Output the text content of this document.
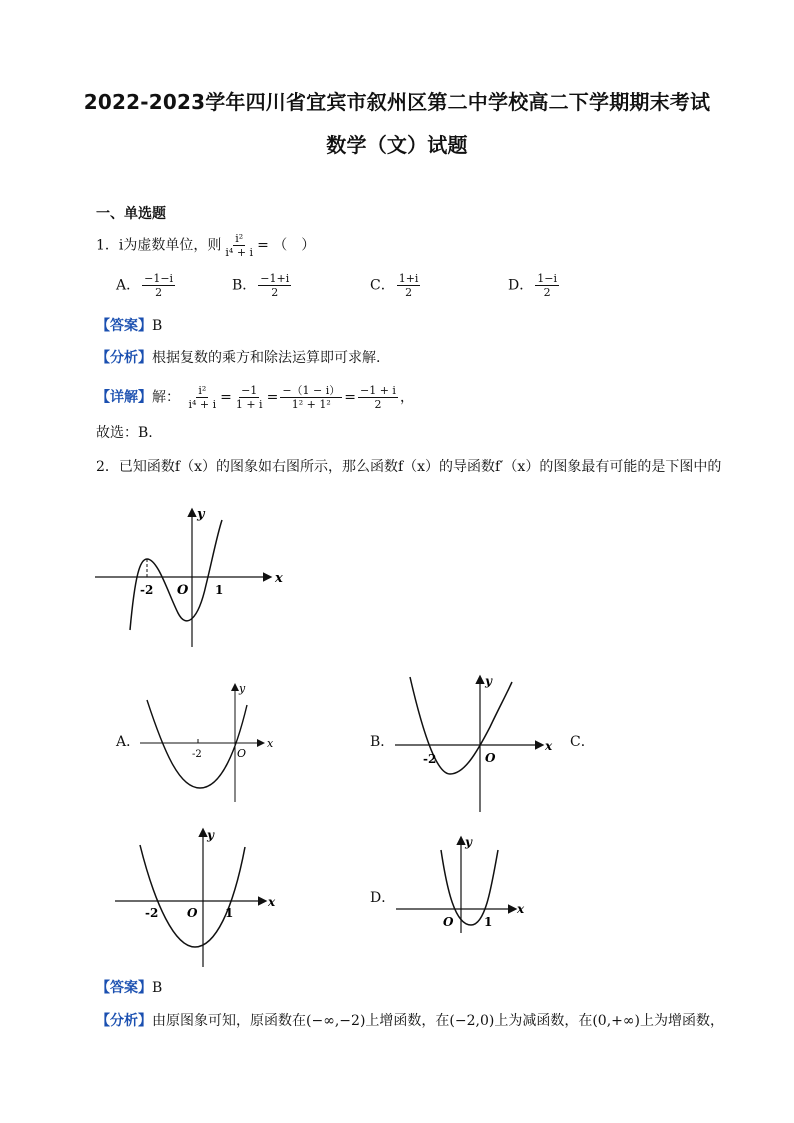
2022-2023学年四川省宜宾市叙州区第二中学校高二下学期期末考试
数学（文）试题
一、单选题
1．i为虚数单位，则 $\frac{\text{i²}}{\text{i⁴ + i}}$ = （　）
A． $\frac{-1-i}{2}$	B． $\frac{-1+i}{2}$	C． $\frac{1+i}{2}$	D． $\frac{1-i}{2}$
【答案】B
【分析】根据复数的乘方和除法运算即可求解.
【详解】解： $\frac{\text{i²}}{\text{i⁴ + i}} = \frac{-1}{1 + i} = \frac{-(1 - i)}{\text{1² + 1²}} = \frac{-1 + i}{2}$ ，
故选：B.
2．已知函数f（x）的图象如右图所示，那么函数f（x）的导函数f′（x）的图象最有可能的是下图中的
x
y
O
-2	1
A．	x
y
O
-2
B．	x
y
O
-2
C．
x
y
O
-2	1
D．
x
y
O	1
【答案】B
【分析】由原图象可知，原函数在(−∞,−2)上增函数，在(−2,0)上为减函数，在(0,+∞)上为增函数，
